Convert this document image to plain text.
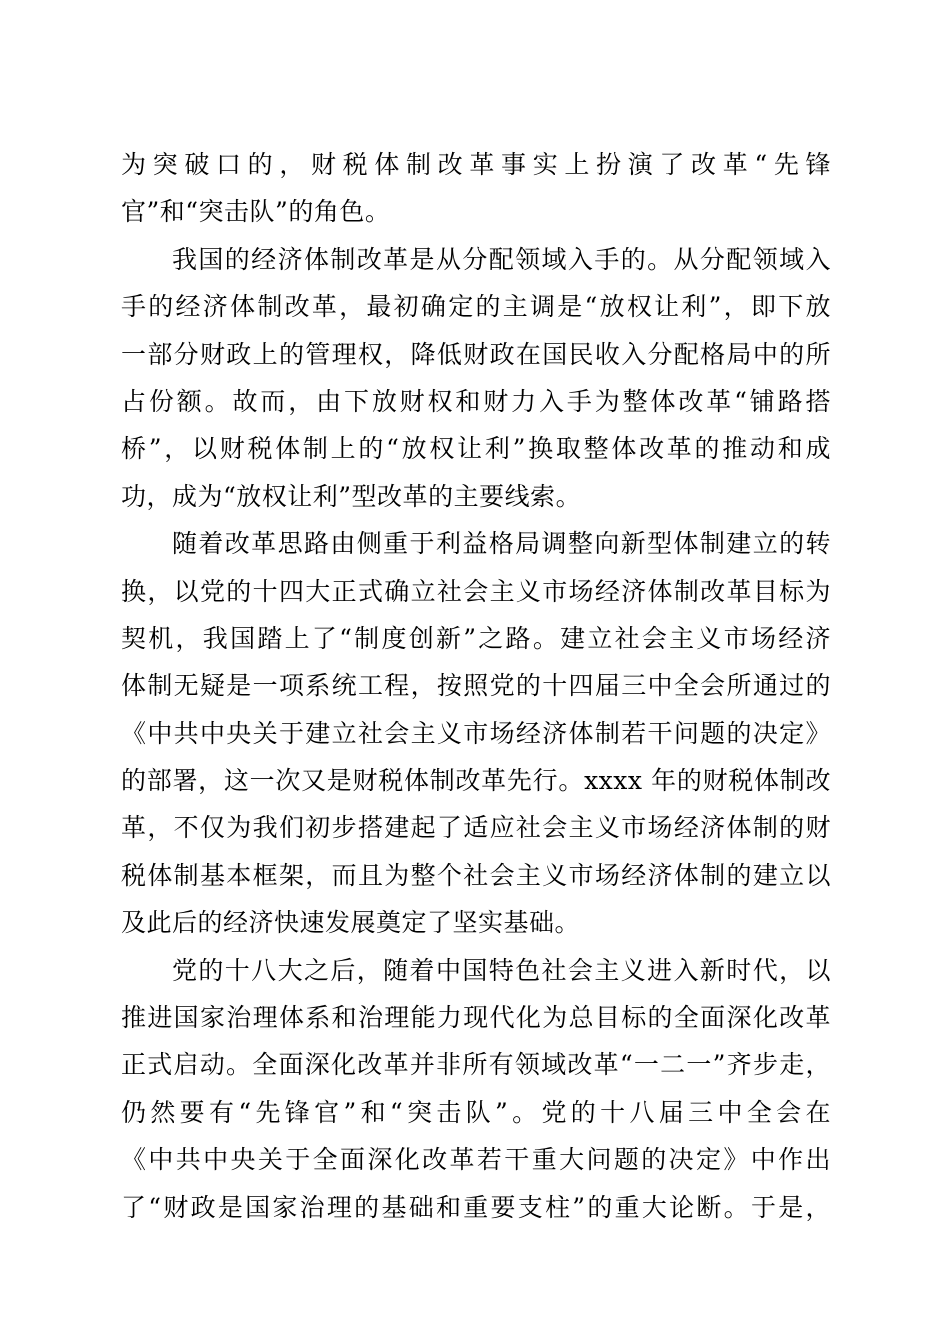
为突破口的，财税体制改革事实上扮演了改革“先锋
官”和“突击队”的角色。
我国的经济体制改革是从分配领域入手的。从分配领域入
手的经济体制改革，最初确定的主调是“放权让利”，即下放
一部分财政上的管理权，降低财政在国民收入分配格局中的所
占份额。故而，由下放财权和财力入手为整体改革“铺路搭
桥”，以财税体制上的“放权让利”换取整体改革的推动和成
功，成为“放权让利”型改革的主要线索。
随着改革思路由侧重于利益格局调整向新型体制建立的转
换，以党的十四大正式确立社会主义市场经济体制改革目标为
契机，我国踏上了“制度创新”之路。建立社会主义市场经济
体制无疑是一项系统工程，按照党的十四届三中全会所通过的
《中共中央关于建立社会主义市场经济体制若干问题的决定》
的部署，这一次又是财税体制改革先行。xxxx 年的财税体制改
革，不仅为我们初步搭建起了适应社会主义市场经济体制的财
税体制基本框架，而且为整个社会主义市场经济体制的建立以
及此后的经济快速发展奠定了坚实基础。
党的十八大之后，随着中国特色社会主义进入新时代，以
推进国家治理体系和治理能力现代化为总目标的全面深化改革
正式启动。全面深化改革并非所有领域改革“一二一”齐步走，
仍然要有“先锋官”和“突击队”。党的十八届三中全会在
《中共中央关于全面深化改革若干重大问题的决定》中作出
了“财政是国家治理的基础和重要支柱”的重大论断。于是，
